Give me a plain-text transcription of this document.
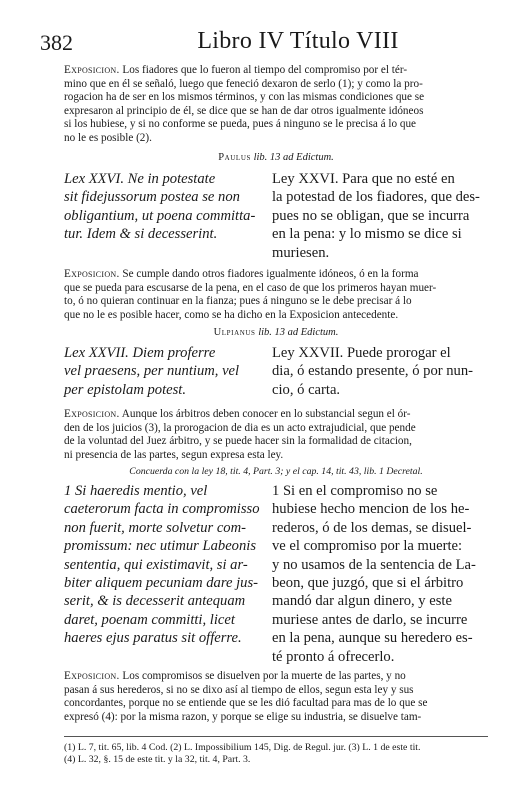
382	Libro IV Título VIII
Exposicion. Los fiadores que lo fueron al tiempo del compromiso por el tér-
mino que en él se señaló, luego que feneció dexaron de serlo (1); y como la pro-
rogacion ha de ser en los mismos términos, y con las mismas condiciones que se
expresaron al principio de él, se dice que se han de dar otros igualmente idóneos
si los hubiese, y si no conforme se pueda, pues á ninguno se le precisa á lo que
no le es posible (2).
Paulus lib. 13 ad Edictum.
Lex XXVI. Ne in potestate
sit fidejussorum postea se non
obligantium, ut poena committa-
tur. Idem & si decesserint.
Ley XXVI. Para que no esté en
la potestad de los fiadores, que des-
pues no se obligan, que se incurra
en la pena: y lo mismo se dice si
muriesen.
Exposicion. Se cumple dando otros fiadores igualmente idóneos, ó en la forma
que se pueda para escusarse de la pena, en el caso de que los primeros hayan muer-
to, ó no quieran continuar en la fianza; pues á ninguno se le debe precisar á lo
que no le es posible hacer, como se ha dicho en la Exposicion antecedente.
Ulpianus lib. 13 ad Edictum.
Lex XXVII. Diem proferre
vel praesens, per nuntium, vel
per epistolam potest.
Ley XXVII. Puede prorogar el
dia, ó estando presente, ó por nun-
cio, ó carta.
Exposicion. Aunque los árbitros deben conocer en lo substancial segun el ór-
den de los juicios (3), la prorogacion de dia es un acto extrajudicial, que pende
de la voluntad del Juez árbitro, y se puede hacer sin la formalidad de citacion,
ni presencia de las partes, segun expresa esta ley.
Concuerda con la ley 18, tit. 4, Part. 3; y el cap. 14, tit. 43, lib. 1 Decretal.
1 Si haeredis mentio, vel
caeterorum facta in compromisso
non fuerit, morte solvetur com-
promissum: nec utimur Labeonis
sententia, qui existimavit, si ar-
biter aliquem pecuniam dare jus-
serit, & is decesserit antequam
daret, poenam committi, licet
haeres ejus paratus sit offerre.
1 Si en el compromiso no se
hubiese hecho mencion de los he-
rederos, ó de los demas, se disuel-
ve el compromiso por la muerte:
y no usamos de la sentencia de La-
beon, que juzgó, que si el árbitro
mandó dar algun dinero, y este
muriese antes de darlo, se incurre
en la pena, aunque su heredero es-
té pronto á ofrecerlo.
Exposicion. Los compromisos se disuelven por la muerte de las partes, y no
pasan á sus herederos, si no se dixo así al tiempo de ellos, segun esta ley y sus
concordantes, porque no se entiende que se les dió facultad para mas de lo que se
expresó (4): por la misma razon, y porque se elige su industria, se disuelve tam-
(1) L. 7, tit. 65, lib. 4 Cod. (2) L. Impossibilium 145, Dig. de Regul. jur. (3) L. 1 de este tit.
(4) L. 32, §. 15 de este tit. y la 32, tit. 4, Part. 3.
